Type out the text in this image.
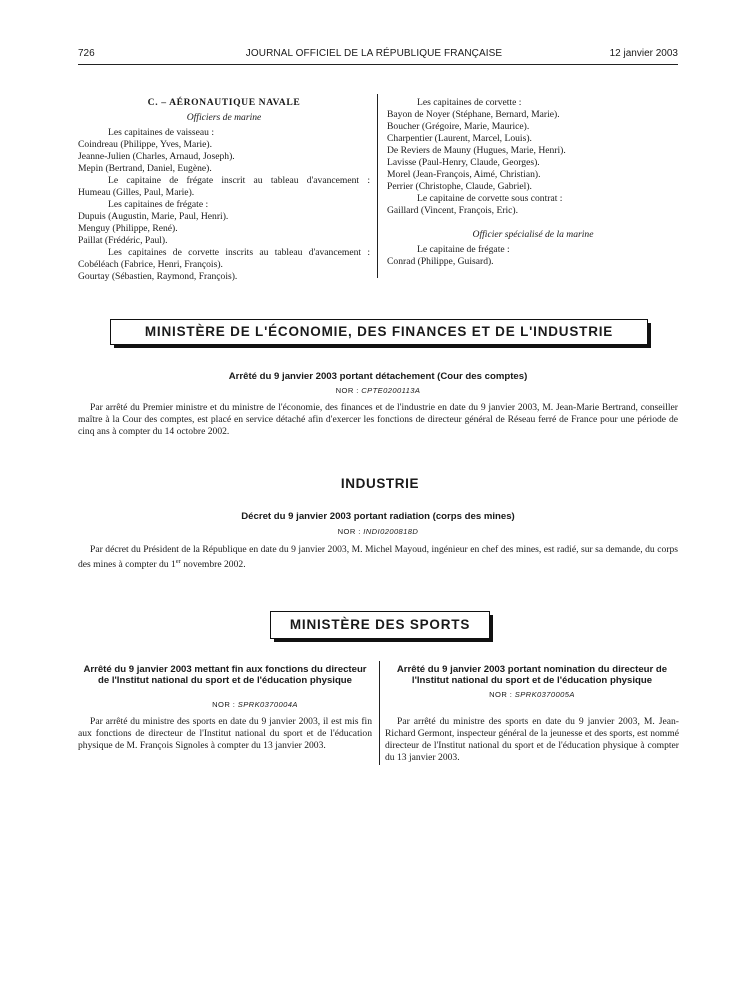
726	JOURNAL OFFICIEL DE LA RÉPUBLIQUE FRANÇAISE	12 janvier 2003
C. – AÉRONAUTIQUE NAVALE
Officiers de marine
Les capitaines de vaisseau :
Coindreau (Philippe, Yves, Marie).
Jeanne-Julien (Charles, Arnaud, Joseph).
Mepin (Bertrand, Daniel, Eugène).
Le capitaine de frégate inscrit au tableau d'avancement :
Humeau (Gilles, Paul, Marie).
Les capitaines de frégate :
Dupuis (Augustin, Marie, Paul, Henri).
Menguy (Philippe, René).
Paillat (Frédéric, Paul).
Les capitaines de corvette inscrits au tableau d'avancement :
Cobéléach (Fabrice, Henri, François).
Gourtay (Sébastien, Raymond, François).
Les capitaines de corvette :
Bayon de Noyer (Stéphane, Bernard, Marie).
Boucher (Grégoire, Marie, Maurice).
Charpentier (Laurent, Marcel, Louis).
De Reviers de Mauny (Hugues, Marie, Henri).
Lavisse (Paul-Henry, Claude, Georges).
Morel (Jean-François, Aimé, Christian).
Perrier (Christophe, Claude, Gabriel).
Le capitaine de corvette sous contrat :
Gaillard (Vincent, François, Eric).
Officier spécialisé de la marine
Le capitaine de frégate :
Conrad (Philippe, Guisard).
MINISTÈRE DE L'ÉCONOMIE, DES FINANCES ET DE L'INDUSTRIE
Arrêté du 9 janvier 2003 portant détachement (Cour des comptes)
NOR : CPTE0200113A
Par arrêté du Premier ministre et du ministre de l'économie, des finances et de l'industrie en date du 9 janvier 2003, M. Jean-Marie Bertrand, conseiller maître à la Cour des comptes, est placé en service détaché afin d'exercer les fonctions de directeur général de Réseau ferré de France pour une période de cinq ans à compter du 14 octobre 2002.
INDUSTRIE
Décret du 9 janvier 2003 portant radiation (corps des mines)
NOR : INDI0200818D
Par décret du Président de la République en date du 9 janvier 2003, M. Michel Mayoud, ingénieur en chef des mines, est radié, sur sa demande, du corps des mines à compter du 1er novembre 2002.
MINISTÈRE DES SPORTS
Arrêté du 9 janvier 2003 mettant fin aux fonctions du directeur de l'Institut national du sport et de l'éducation physique
NOR : SPRK0370004A
Par arrêté du ministre des sports en date du 9 janvier 2003, il est mis fin aux fonctions de directeur de l'Institut national du sport et de l'éducation physique de M. François Signoles à compter du 13 janvier 2003.
Arrêté du 9 janvier 2003 portant nomination du directeur de l'Institut national du sport et de l'éducation physique
NOR : SPRK0370005A
Par arrêté du ministre des sports en date du 9 janvier 2003, M. Jean-Richard Germont, inspecteur général de la jeunesse et des sports, est nommé directeur de l'Institut national du sport et de l'éducation physique à compter du 13 janvier 2003.
